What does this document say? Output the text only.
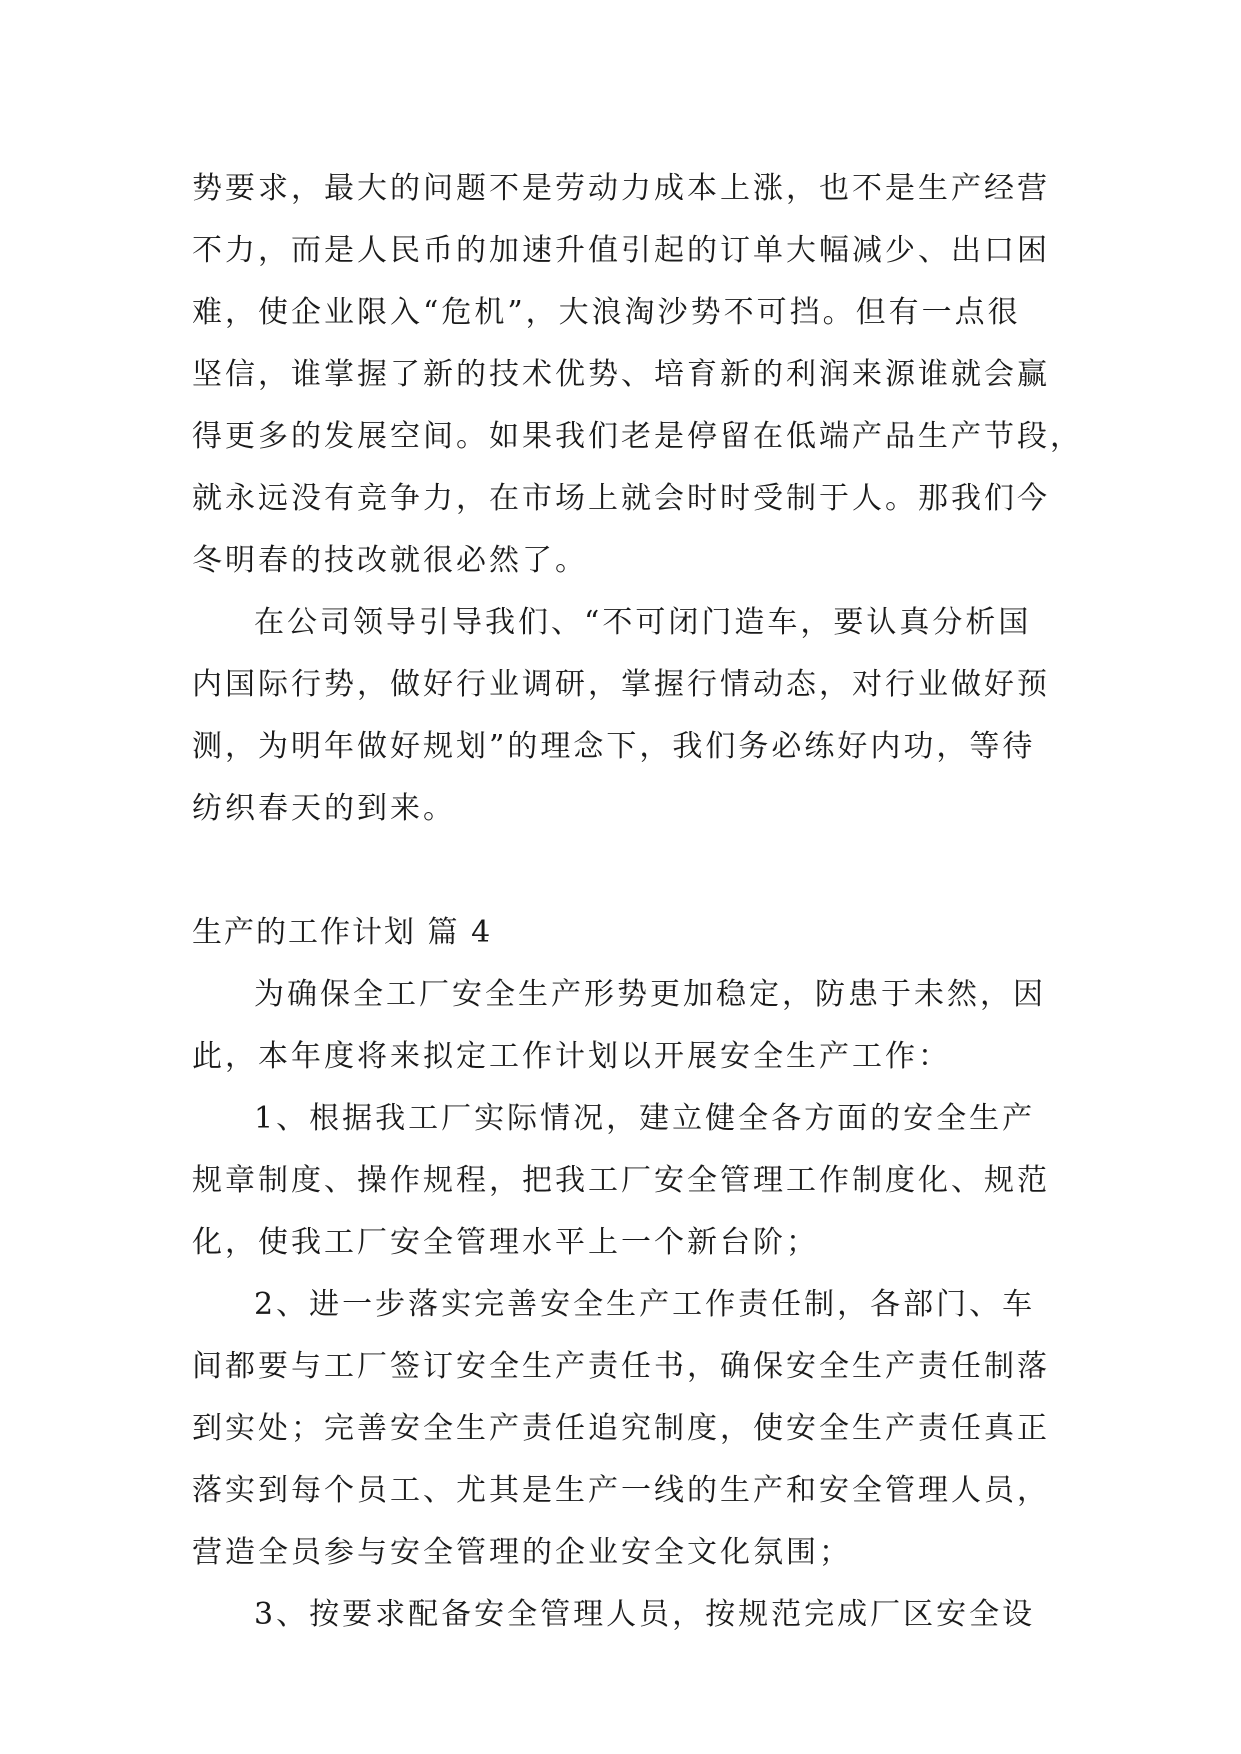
势要求，最大的问题不是劳动力成本上涨，也不是生产经营
不力，而是人民币的加速升值引起的订单大幅减少、出口困
难，使企业限入“危机”，大浪淘沙势不可挡。但有一点很
坚信，谁掌握了新的技术优势、培育新的利润来源谁就会赢
得更多的发展空间。如果我们老是停留在低端产品生产节段，
就永远没有竞争力，在市场上就会时时受制于人。那我们今
冬明春的技改就很必然了。
在公司领导引导我们、“不可闭门造车，要认真分析国
内国际行势，做好行业调研，掌握行情动态，对行业做好预
测，为明年做好规划”的理念下，我们务必练好内功，等待
纺织春天的到来。
生产的工作计划 篇 4
为确保全工厂安全生产形势更加稳定，防患于未然，因
此，本年度将来拟定工作计划以开展安全生产工作：
1、根据我工厂实际情况，建立健全各方面的安全生产
规章制度、操作规程，把我工厂安全管理工作制度化、规范
化，使我工厂安全管理水平上一个新台阶；
2、进一步落实完善安全生产工作责任制，各部门、车
间都要与工厂签订安全生产责任书，确保安全生产责任制落
到实处；完善安全生产责任追究制度，使安全生产责任真正
落实到每个员工、尤其是生产一线的生产和安全管理人员，
营造全员参与安全管理的企业安全文化氛围；
3、按要求配备安全管理人员，按规范完成厂区安全设
